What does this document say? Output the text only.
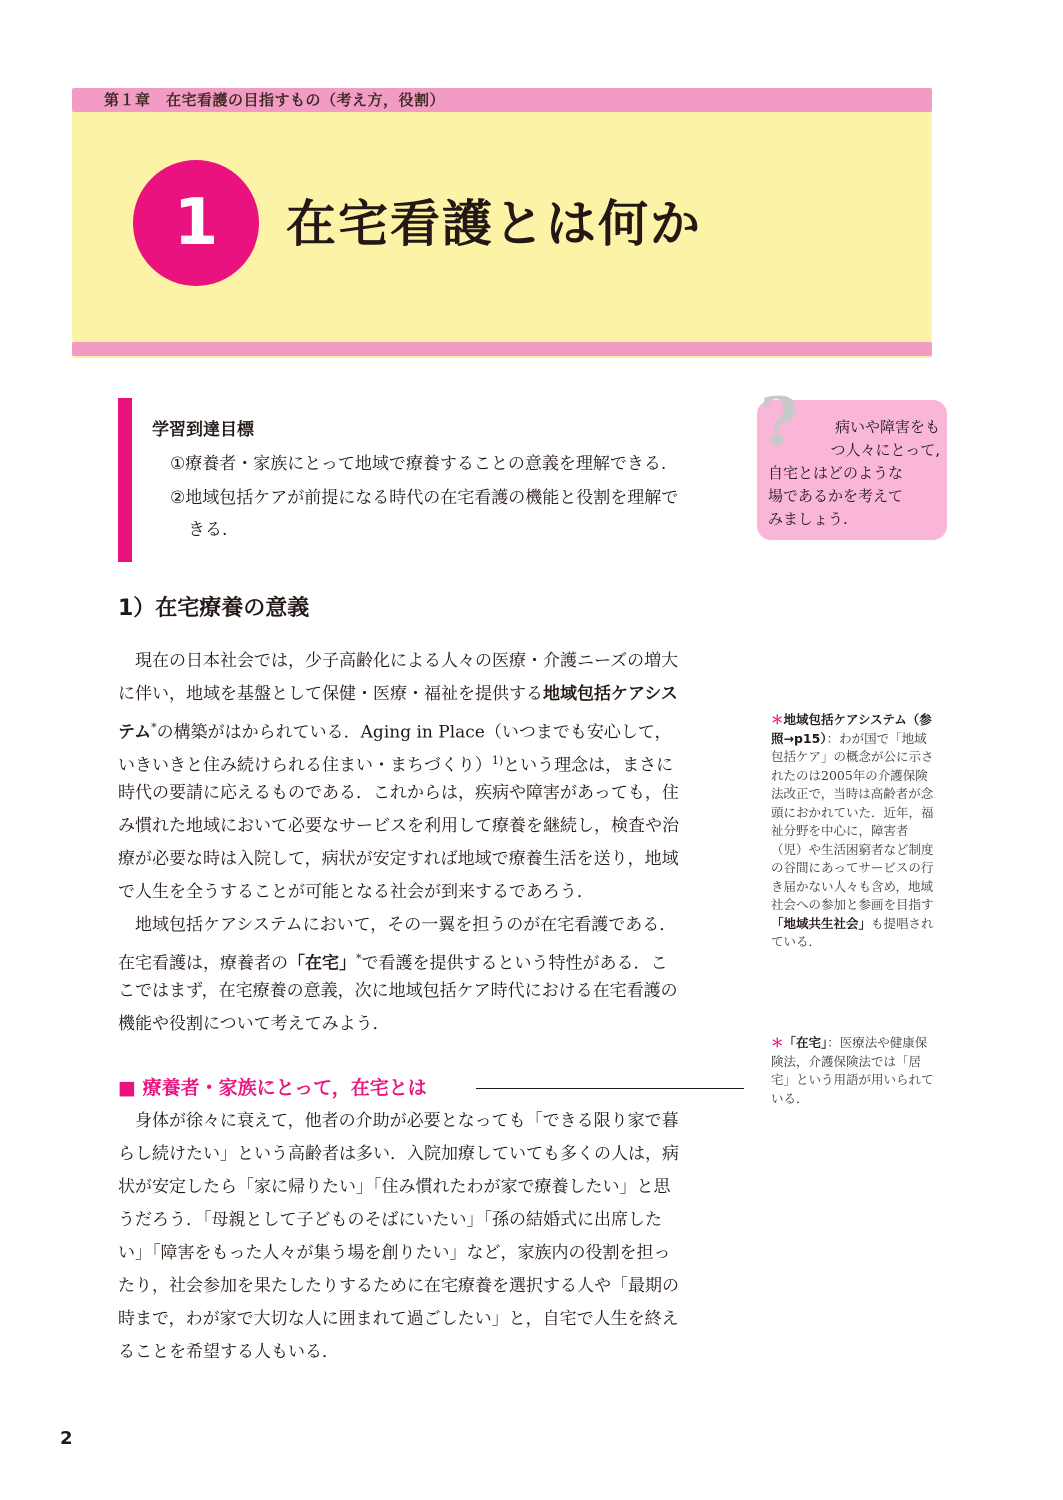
第１章　在宅看護の目指すもの（考え方，役割）
1	在宅看護とは何か
学習到達目標
①療養者・家族にとって地域で療養することの意義を理解できる.
②地域包括ケアが前提になる時代の在宅看護の機能と役割を理解で
きる.
?	病いや障害をも
つ人々にとって,
自宅とはどのような
場であるかを考えて
みましょう.
1）在宅療養の意義
　現在の日本社会では，少子高齢化による人々の医療・介護ニーズの増大
に伴い，地域を基盤として保健・医療・福祉を提供する地域包括ケアシス
テム*の構築がはかられている．Aging in Place（いつまでも安心して，
いきいきと住み続けられる住まい・まちづくり）$^{1)}$という理念は，まさに
時代の要請に応えるものである．これからは，疾病や障害があっても，住
み慣れた地域において必要なサービスを利用して療養を継続し，検査や治
療が必要な時は入院して，病状が安定すれば地域で療養生活を送り，地域
で人生を全うすることが可能となる社会が到来するであろう．
　地域包括ケアシステムにおいて，その一翼を担うのが在宅看護である．
在宅看護は，療養者の「在宅」*で看護を提供するという特性がある．こ
こではまず，在宅療養の意義，次に地域包括ケア時代における在宅看護の
機能や役割について考えてみよう．
■ 療養者・家族にとって，在宅とは
　身体が徐々に衰えて，他者の介助が必要となっても「できる限り家で暮
らし続けたい」という高齢者は多い．入院加療していても多くの人は，病
状が安定したら「家に帰りたい」「住み慣れたわが家で療養したい」と思
うだろう．「母親として子どものそばにいたい」「孫の結婚式に出席した
い」「障害をもった人々が集う場を創りたい」など，家族内の役割を担っ
たり，社会参加を果たしたりするために在宅療養を選択する人や「最期の
時まで，わが家で大切な人に囲まれて過ごしたい」と，自宅で人生を終え
ることを希望する人もいる．
＊地域包括ケアシステム（参照→p15）：わが国で「地域包括ケア」の概念が公に示されたのは2005年の介護保険法改正で，当時は高齢者が念頭におかれていた．近年，福祉分野を中心に，障害者（児）や生活困窮者など制度の谷間にあってサービスの行き届かない人々も含め，地域社会への参加と参画を目指す「地域共生社会」も提唱されている．
＊「在宅」：医療法や健康保険法，介護保険法では「居宅」という用語が用いられている．
2
